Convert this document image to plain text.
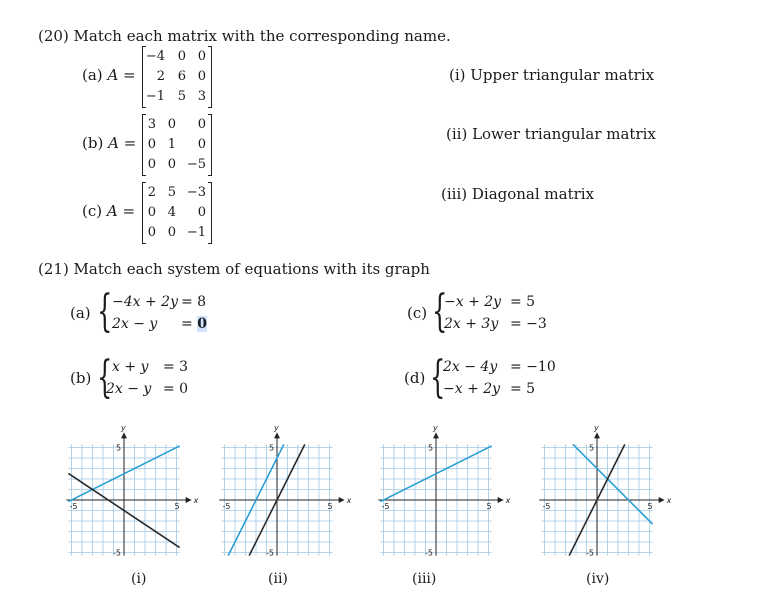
(20) Match each matrix with the corresponding name.
(a) A =
−4 0 0
2 6 0
−1 5 3
(b) A =
3 0	0
0 1	0
0 0 −5
(c) A =
2 5 −3
0 4	0
0 0 −1
(i) Upper triangular matrix
(ii) Lower triangular matrix
(iii) Diagonal matrix
(21) Match each system of equations with its graph
(a) { −4x + 2y = 8
2x − y = 0
(b) { x + y = 3
2x − y = 0
(c) {
−x + 2y = 5
2x + 3y = −3
(d) {
2x − 4y = −10
−x + 2y = 5
x
y
5
-5
5
-5
x
y
5
-5
5
-5
x
y
5
-5
5
-5
x
y
5
-5
5
-5
(i)	(ii)	(iii)	(iv)
